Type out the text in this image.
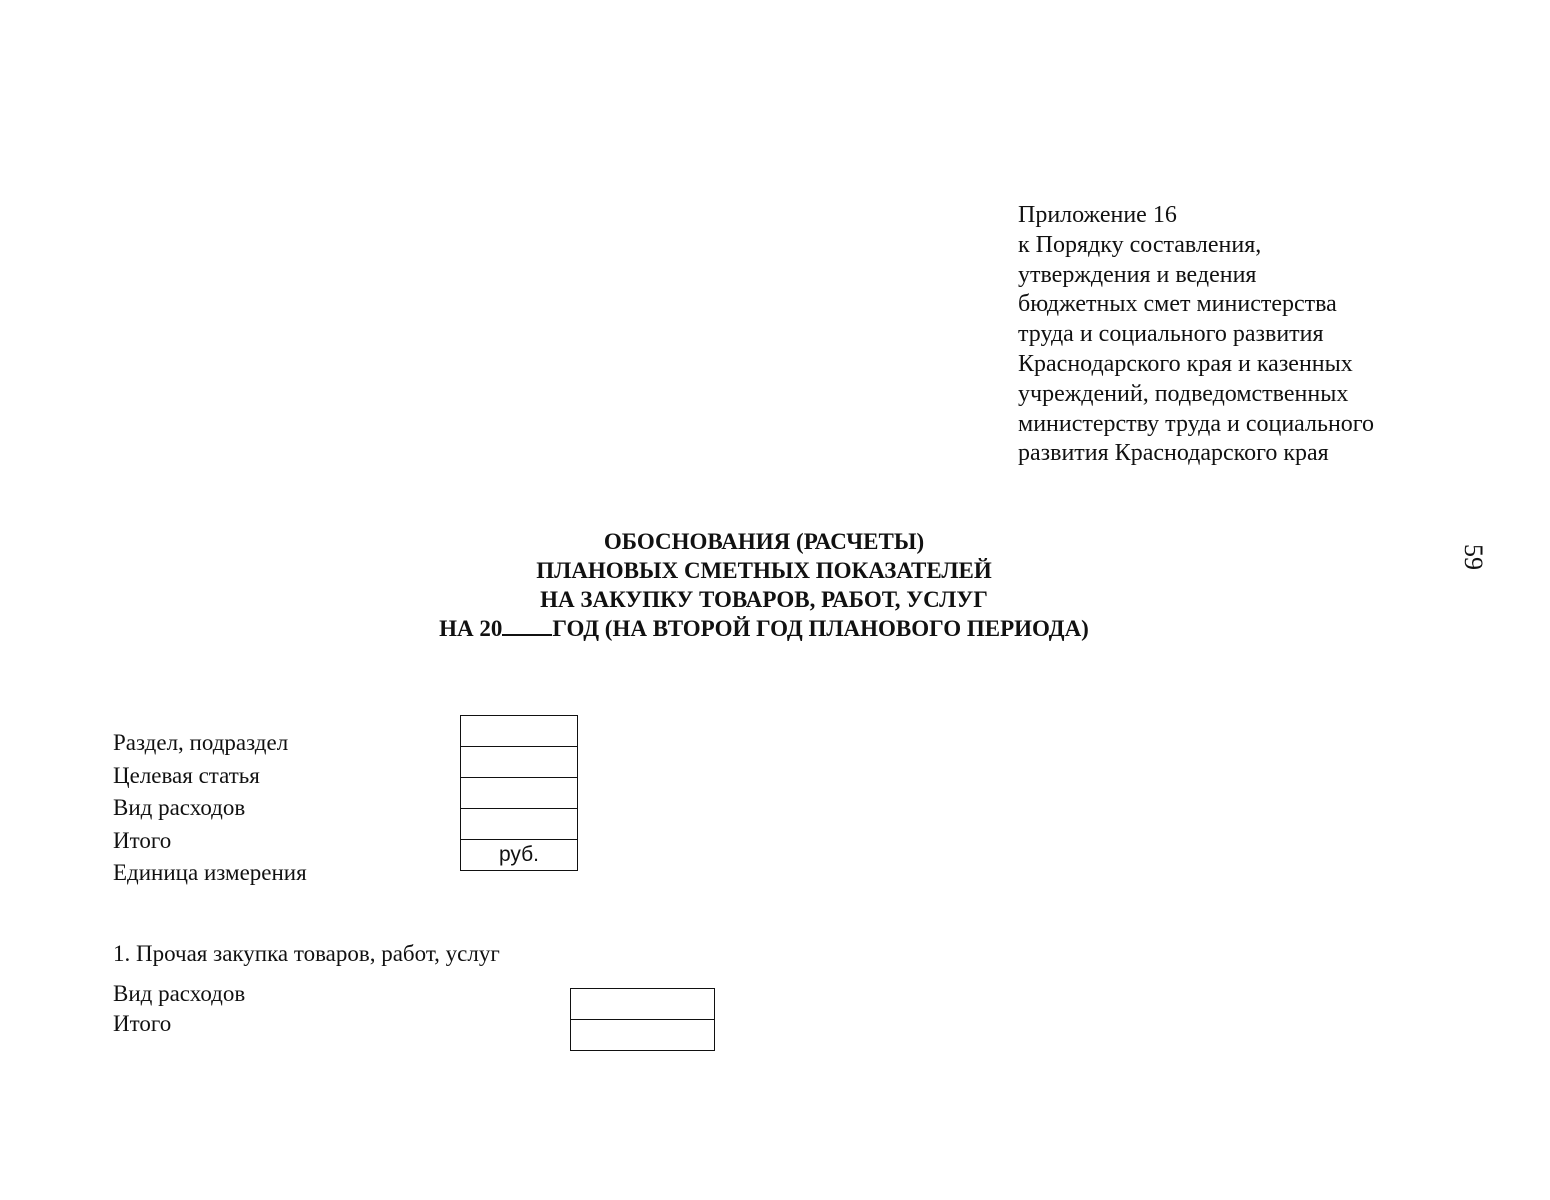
Приложение 16
к Порядку составления,
утверждения и ведения
бюджетных смет министерства
труда и социального развития
Краснодарского края и казенных
учреждений, подведомственных
министерству труда и социального
развития Краснодарского края
59
ОБОСНОВАНИЯ (РАСЧЕТЫ)
ПЛАНОВЫХ СМЕТНЫХ ПОКАЗАТЕЛЕЙ
НА ЗАКУПКУ ТОВАРОВ, РАБОТ, УСЛУГ
НА 20 ГОД (НА ВТОРОЙ ГОД ПЛАНОВОГО ПЕРИОДА)
Раздел, подраздел
Целевая статья
Вид расходов
Итого
Единица измерения
руб.
1. Прочая закупка товаров, работ, услуг
Вид расходов
Итого
